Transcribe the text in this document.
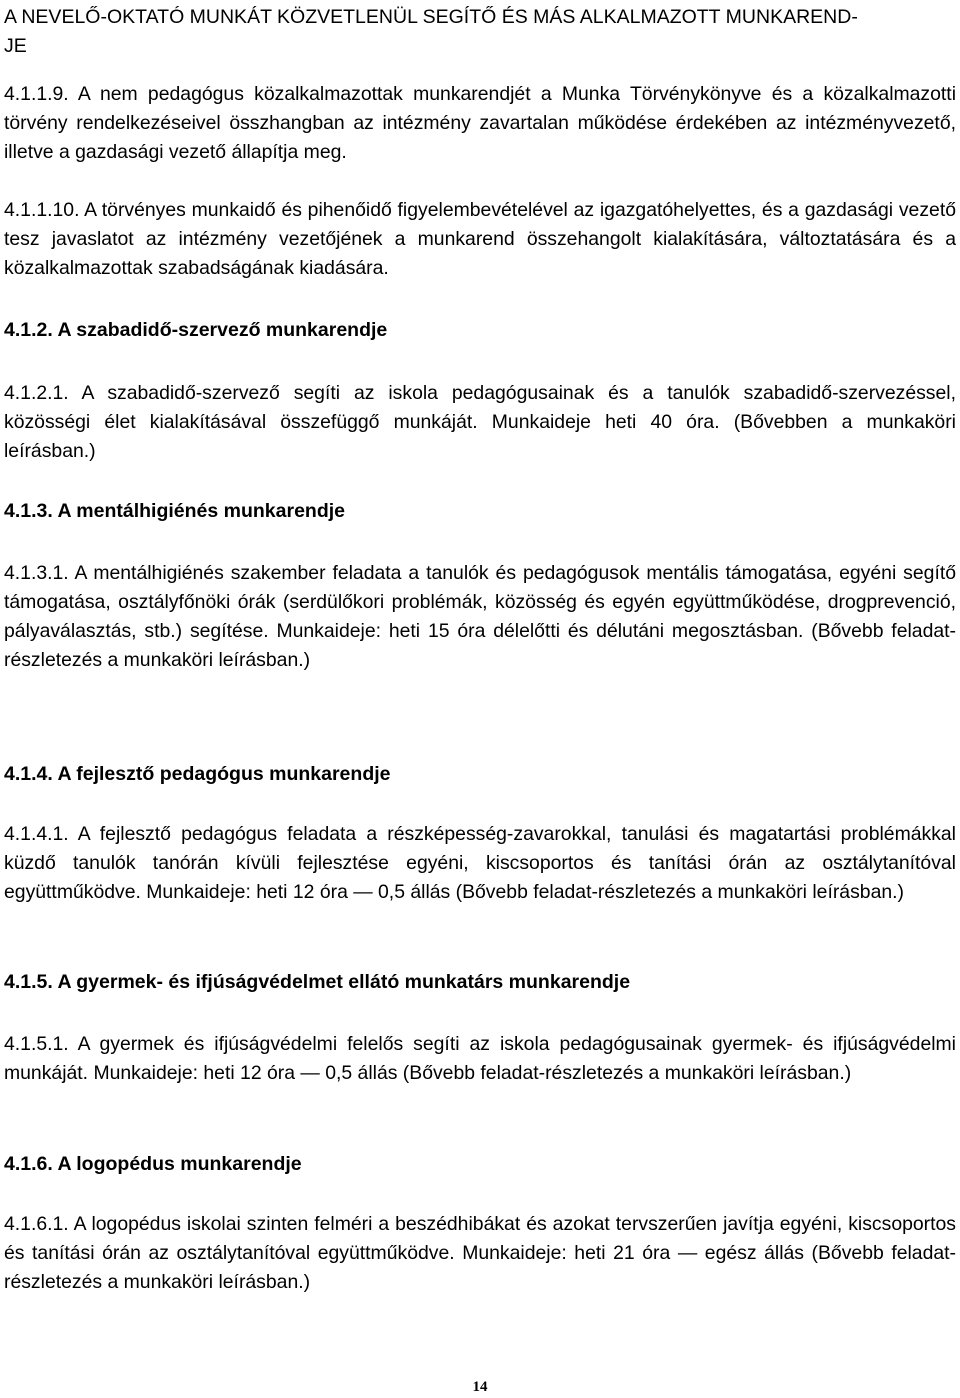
A NEVELŐ-OKTATÓ MUNKÁT KÖZVETLENÜL SEGÍTŐ ÉS MÁS ALKALMAZOTT MUNKAREND-
JE

4.1.1.9. A nem pedagógus közalkalmazottak munkarendjét a Munka Törvénykönyve és a közalkalmazotti törvény rendelkezéseivel összhangban az intézmény zavartalan működése érdekében az intézményvezető, illetve a gazdasági vezető állapítja meg.

4.1.1.10. A törvényes munkaidő és pihenőidő figyelembevételével az igazgatóhelyettes, és a gazdasági vezető tesz javaslatot az intézmény vezetőjének a munkarend összehangolt kialakítására, változtatására és a közalkalmazottak szabadságának kiadására.

4.1.2. A szabadidő-szervező munkarendje

4.1.2.1. A szabadidő-szervező segíti az iskola pedagógusainak és a tanulók szabadidő-szervezéssel, közösségi élet kialakításával összefüggő munkáját. Munkaideje heti 40 óra. (Bővebben a munkaköri leírásban.)

4.1.3. A mentálhigiénés munkarendje

4.1.3.1. A mentálhigiénés szakember feladata a tanulók és pedagógusok mentális támogatása, egyéni segítő támogatása, osztályfőnöki órák (serdülőkori problémák, közösség és egyén együttműködése, drogprevenció, pályaválasztás, stb.) segítése. Munkaideje: heti 15 óra délelőtti és délutáni megosztásban. (Bővebb feladat-részletezés a munkaköri leírásban.)

4.1.4. A fejlesztő pedagógus munkarendje

4.1.4.1. A fejlesztő pedagógus feladata a részképesség-zavarokkal, tanulási és magatartási problémákkal küzdő tanulók tanórán kívüli fejlesztése egyéni, kiscsoportos és tanítási órán az osztálytanítóval együttműködve. Munkaideje: heti 12 óra — 0,5 állás (Bővebb feladat-részletezés a munkaköri leírásban.)

4.1.5. A gyermek- és ifjúságvédelmet ellátó munkatárs munkarendje

4.1.5.1. A gyermek és ifjúságvédelmi felelős segíti az iskola pedagógusainak gyermek- és ifjúságvédelmi munkáját. Munkaideje: heti 12 óra — 0,5 állás (Bővebb feladat-részletezés a munkaköri leírásban.)

4.1.6. A logopédus munkarendje

4.1.6.1. A logopédus iskolai szinten felméri a beszédhibákat és azokat tervszerűen javítja egyéni, kiscsoportos és tanítási órán az osztálytanítóval együttműködve. Munkaideje: heti 21 óra — egész állás (Bővebb feladat-részletezés a munkaköri leírásban.)

14
